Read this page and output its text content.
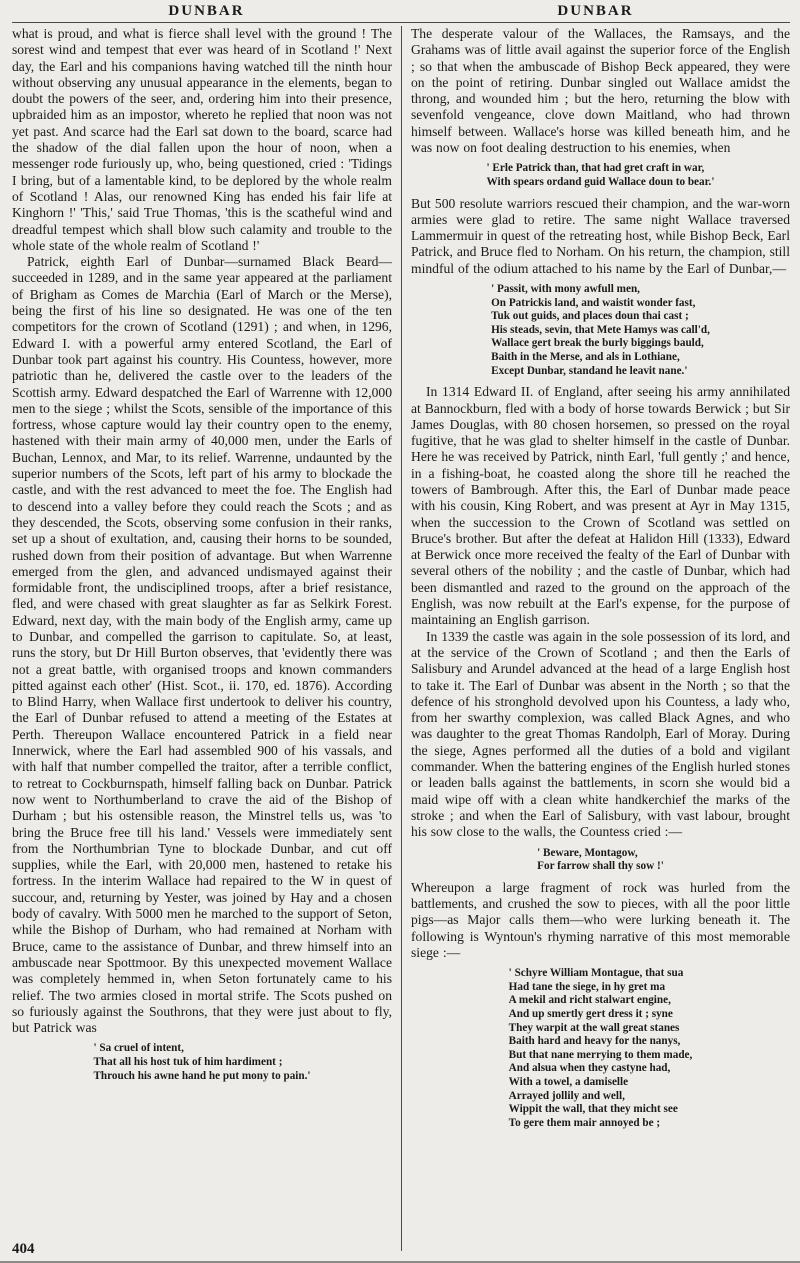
DUNBAR	DUNBAR

what is proud, and what is fierce shall level with the ground ! The sorest wind and tempest that ever was heard of in Scotland !' Next day, the Earl and his companions having watched till the ninth hour without observing any unusual appearance in the elements, began to doubt the powers of the seer, and, ordering him into their presence, upbraided him as an impostor, whereto he replied that noon was not yet past. And scarce had the Earl sat down to the board, scarce had the shadow of the dial fallen upon the hour of noon, when a messenger rode furiously up, who, being questioned, cried : 'Tidings I bring, but of a lamentable kind, to be deplored by the whole realm of Scotland ! Alas, our renowned King has ended his fair life at Kinghorn !' 'This,' said True Thomas, 'this is the scatheful wind and dreadful tempest which shall blow such calamity and trouble to the whole state of the whole realm of Scotland !'

Patrick, eighth Earl of Dunbar—surnamed Black Beard—succeeded in 1289, and in the same year appeared at the parliament of Brigham as Comes de Marchia (Earl of March or the Merse), being the first of his line so designated. He was one of the ten competitors for the crown of Scotland (1291) ; and when, in 1296, Edward I. with a powerful army entered Scotland, the Earl of Dunbar took part against his country. His Countess, however, more patriotic than he, delivered the castle over to the leaders of the Scottish army. Edward despatched the Earl of Warrenne with 12,000 men to the siege ; whilst the Scots, sensible of the importance of this fortress, whose capture would lay their country open to the enemy, hastened with their main army of 40,000 men, under the Earls of Buchan, Lennox, and Mar, to its relief. Warrenne, undaunted by the superior numbers of the Scots, left part of his army to blockade the castle, and with the rest advanced to meet the foe. The English had to descend into a valley before they could reach the Scots ; and as they descended, the Scots, observing some confusion in their ranks, set up a shout of exultation, and, causing their horns to be sounded, rushed down from their position of advantage. But when Warrenne emerged from the glen, and advanced undismayed against their formidable front, the undisciplined troops, after a brief resistance, fled, and were chased with great slaughter as far as Selkirk Forest. Edward, next day, with the main body of the English army, came up to Dunbar, and compelled the garrison to capitulate. So, at least, runs the story, but Dr Hill Burton observes, that 'evidently there was not a great battle, with organised troops and known commanders pitted against each other' (Hist. Scot., ii. 170, ed. 1876). According to Blind Harry, when Wallace first undertook to deliver his country, the Earl of Dunbar refused to attend a meeting of the Estates at Perth. Thereupon Wallace encountered Patrick in a field near Innerwick, where the Earl had assembled 900 of his vassals, and with half that number compelled the traitor, after a terrible conflict, to retreat to Cockburnspath, himself falling back on Dunbar. Patrick now went to Northumberland to crave the aid of the Bishop of Durham ; but his ostensible reason, the Minstrel tells us, was 'to bring the Bruce free till his land.' Vessels were immediately sent from the Northumbrian Tyne to blockade Dunbar, and cut off supplies, while the Earl, with 20,000 men, hastened to retake his fortress. In the interim Wallace had repaired to the W in quest of succour, and, returning by Yester, was joined by Hay and a chosen body of cavalry. With 5000 men he marched to the support of Seton, while the Bishop of Durham, who had remained at Norham with Bruce, came to the assistance of Dunbar, and threw himself into an ambuscade near Spottmoor. By this unexpected movement Wallace was completely hemmed in, when Seton fortunately came to his relief. The two armies closed in mortal strife. The Scots pushed on so furiously against the Southrons, that they were just about to fly, but Patrick was

' Sa cruel of intent,
That all his host tuk of him hardiment ;
Throuch his awne hand he put mony to pain.'

The desperate valour of the Wallaces, the Ramsays, and the Grahams was of little avail against the superior force of the English ; so that when the ambuscade of Bishop Beck appeared, they were on the point of retiring. Dunbar singled out Wallace amidst the throng, and wounded him ; but the hero, returning the blow with sevenfold vengeance, clove down Maitland, who had thrown himself between. Wallace's horse was killed beneath him, and he was now on foot dealing destruction to his enemies, when

' Erle Patrick than, that had gret craft in war,
With spears ordand guid Wallace doun to bear.'

But 500 resolute warriors rescued their champion, and the war-worn armies were glad to retire. The same night Wallace traversed Lammermuir in quest of the retreating host, while Bishop Beck, Earl Patrick, and Bruce fled to Norham. On his return, the champion, still mindful of the odium attached to his name by the Earl of Dunbar,—

' Passit, with mony awfull men,
On Patrickis land, and waistit wonder fast,
Tuk out guids, and places doun thai cast ;
His steads, sevin, that Mete Hamys was call'd,
Wallace gert break the burly biggings bauld,
Baith in the Merse, and als in Lothiane,
Except Dunbar, standand he leavit nane.'

In 1314 Edward II. of England, after seeing his army annihilated at Bannockburn, fled with a body of horse towards Berwick ; but Sir James Douglas, with 80 chosen horsemen, so pressed on the royal fugitive, that he was glad to shelter himself in the castle of Dunbar. Here he was received by Patrick, ninth Earl, 'full gently ;' and hence, in a fishing-boat, he coasted along the shore till he reached the towers of Bambrough. After this, the Earl of Dunbar made peace with his cousin, King Robert, and was present at Ayr in May 1315, when the succession to the Crown of Scotland was settled on Bruce's brother. But after the defeat at Halidon Hill (1333), Edward at Berwick once more received the fealty of the Earl of Dunbar with several others of the nobility ; and the castle of Dunbar, which had been dismantled and razed to the ground on the approach of the English, was now rebuilt at the Earl's expense, for the purpose of maintaining an English garrison.

In 1339 the castle was again in the sole possession of its lord, and at the service of the Crown of Scotland ; and then the Earls of Salisbury and Arundel advanced at the head of a large English host to take it. The Earl of Dunbar was absent in the North ; so that the defence of his stronghold devolved upon his Countess, a lady who, from her swarthy complexion, was called Black Agnes, and who was daughter to the great Thomas Randolph, Earl of Moray. During the siege, Agnes performed all the duties of a bold and vigilant commander. When the battering engines of the English hurled stones or leaden balls against the battlements, in scorn she would bid a maid wipe off with a clean white handkerchief the marks of the stroke ; and when the Earl of Salisbury, with vast labour, brought his sow close to the walls, the Countess cried :—

' Beware, Montagow,
For farrow shall thy sow !'

Whereupon a large fragment of rock was hurled from the battlements, and crushed the sow to pieces, with all the poor little pigs—as Major calls them—who were lurking beneath it. The following is Wyntoun's rhyming narrative of this most memorable siege :—

' Schyre William Montague, that sua
Had tane the siege, in hy gret ma
A mekil and richt stalwart engine,
And up smertly gert dress it ; syne
They warpit at the wall great stanes
Baith hard and heavy for the nanys,
But that nane merrying to them made,
And alsua when they castyne had,
With a towel, a damiselle
Arrayed jollily and well,
Wippit the wall, that they micht see
To gere them mair annoyed be ;
404
